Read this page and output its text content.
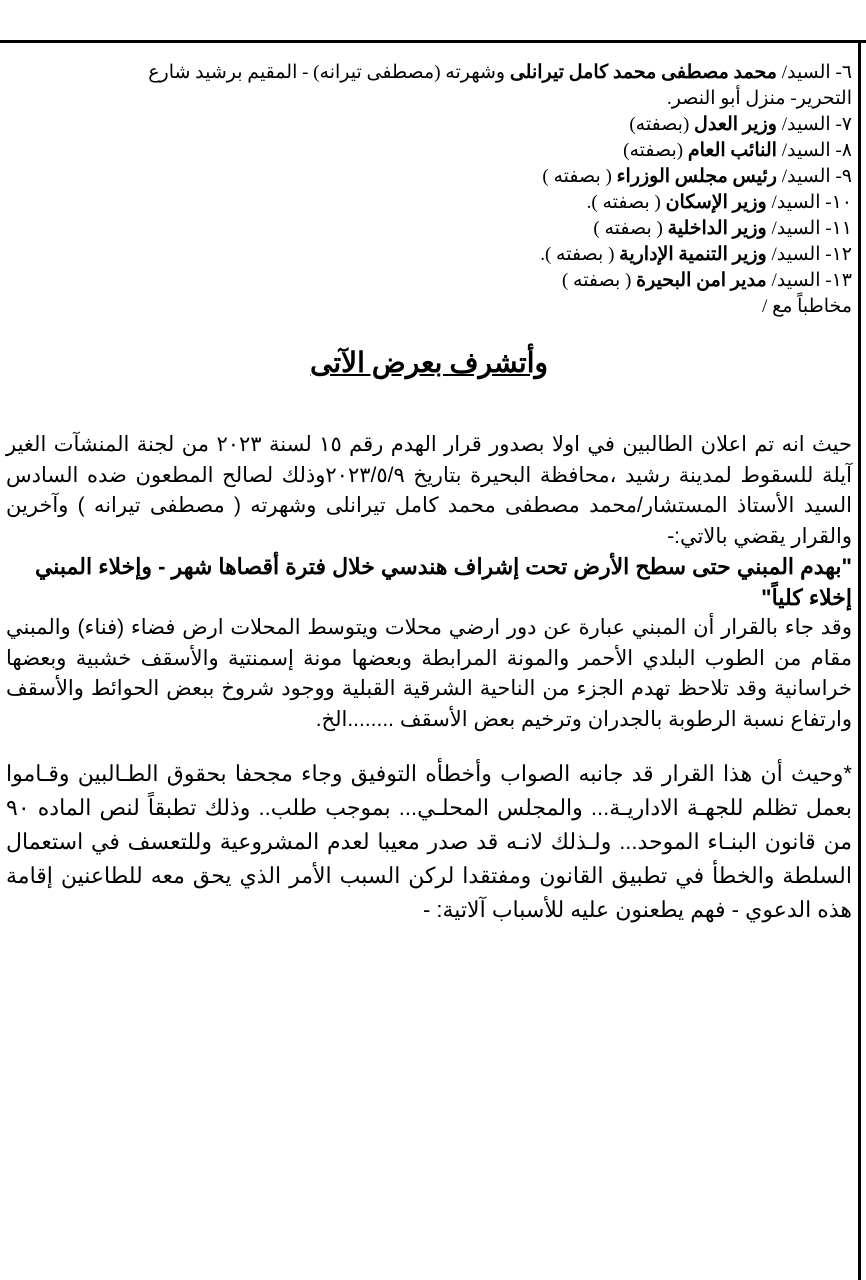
٦- السيد/ محمد مصطفى محمد كامل تيرانلى وشهرته (مصطفى تيرانه) - المقيم برشيد شارع

التحرير- منزل أبو النصر.

٧- السيد/ وزير العدل (بصفته)

٨- السيد/ النائب العام (بصفته)

٩- السيد/ رئيس مجلس الوزراء ( بصفته )

١٠- السيد/ وزير الإسكان ( بصفته ).

١١- السيد/ وزير الداخلية ( بصفته )

١٢- السيد/ وزير التنمية الإدارية ( بصفته ).

١٣- السيد/ مدير امن البحيرة ( بصفته )

مخاطباً مع /

وأتشرف بعرض الآتى

حيث انه تم اعلان الطالبين في اولا بصدور قرار الهدم رقم ١٥ لسنة ٢٠٢٣ من لجنة المنشآت الغير آيلة للسقوط لمدينة رشيد ،محافظة البحيرة بتاريخ ٢٠٢٣/٥/٩وذلك لصالح المطعون ضده السادس السيد الأستاذ المستشار/محمد مصطفى محمد كامل تيرانلى وشهرته ( مصطفى تيرانه ) وآخرين والقرار يقضي بالاتي:-

"بهدم المبني حتى سطح الأرض تحت إشراف هندسي خلال فترة أقصاها شهر - وإخلاء المبني إخلاء كلياً"

وقد جاء بالقرار أن المبني عبارة عن دور ارضي محلات ويتوسط المحلات ارض فضاء (فناء) والمبني مقام من الطوب البلدي الأحمر والمونة المرابطة وبعضها مونة إسمنتية والأسقف خشبية وبعضها خراسانية وقد تلاحظ تهدم الجزء من الناحية الشرقية القبلية ووجود شروخ ببعض الحوائط والأسقف وارتفاع نسبة الرطوبة بالجدران وترخيم بعض الأسقف ........الخ.

*وحيث أن هذا القرار قد جانبه الصواب وأخطأه التوفيق وجاء مجحفا بحقوق الطـالبين وقـاموا بعمل تظلم للجهـة الاداريـة... والمجلس المحلـي... بموجب طلب.. وذلك تطبقاً لنص الماده ٩٠ من قانون البنـاء الموحد... ولـذلك لانـه قد صدر معيبا لعدم المشروعية وللتعسف في استعمال السلطة والخطأ في تطبيق القانون ومفتقدا لركن السبب الأمر الذي يحق معه للطاعنين إقامة هذه الدعوي - فهم يطعنون عليه للأسباب آلاتية: -
